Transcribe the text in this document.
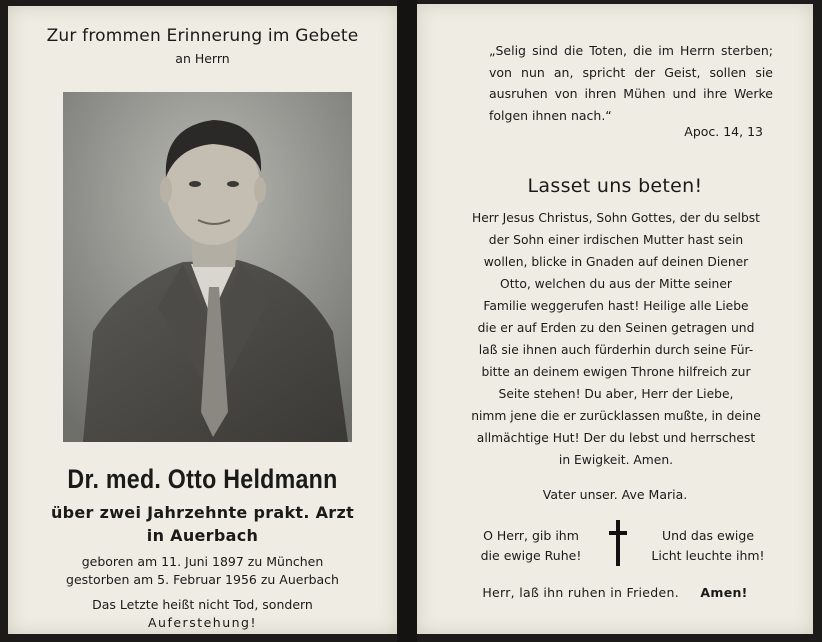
Zur frommen Erinnerung im Gebete
an Herrn
Dr. med. Otto Heldmann
über zwei Jahrzehnte prakt. Arzt
in Auerbach
geboren am 11. Juni 1897 zu München
gestorben am 5. Februar 1956 zu Auerbach
Das Letzte heißt nicht Tod, sondern
Auferstehung!
„Selig sind die Toten, die im Herrn sterben; von nun an, spricht der Geist, sollen sie ausruhen von ihren Mühen und ihre Werke folgen ihnen nach.“
Apoc. 14, 13
Lasset uns beten!
Herr Jesus Christus, Sohn Gottes, der du selbst
der Sohn einer irdischen Mutter hast sein
wollen, blicke in Gnaden auf deinen Diener
Otto, welchen du aus der Mitte seiner
Familie weggerufen hast! Heilige alle Liebe
die er auf Erden zu den Seinen getragen und
laß sie ihnen auch fürderhin durch seine Für-
bitte an deinem ewigen Throne hilfreich zur
Seite stehen! Du aber, Herr der Liebe,
nimm jene die er zurücklassen mußte, in deine
allmächtige Hut! Der du lebst und herrschest
in Ewigkeit. Amen.
Vater unser. Ave Maria.
O Herr, gib ihm
die ewige Ruhe!
Und das ewige
Licht leuchte ihm!
Herr, laß ihn ruhen in Frieden. Amen!
